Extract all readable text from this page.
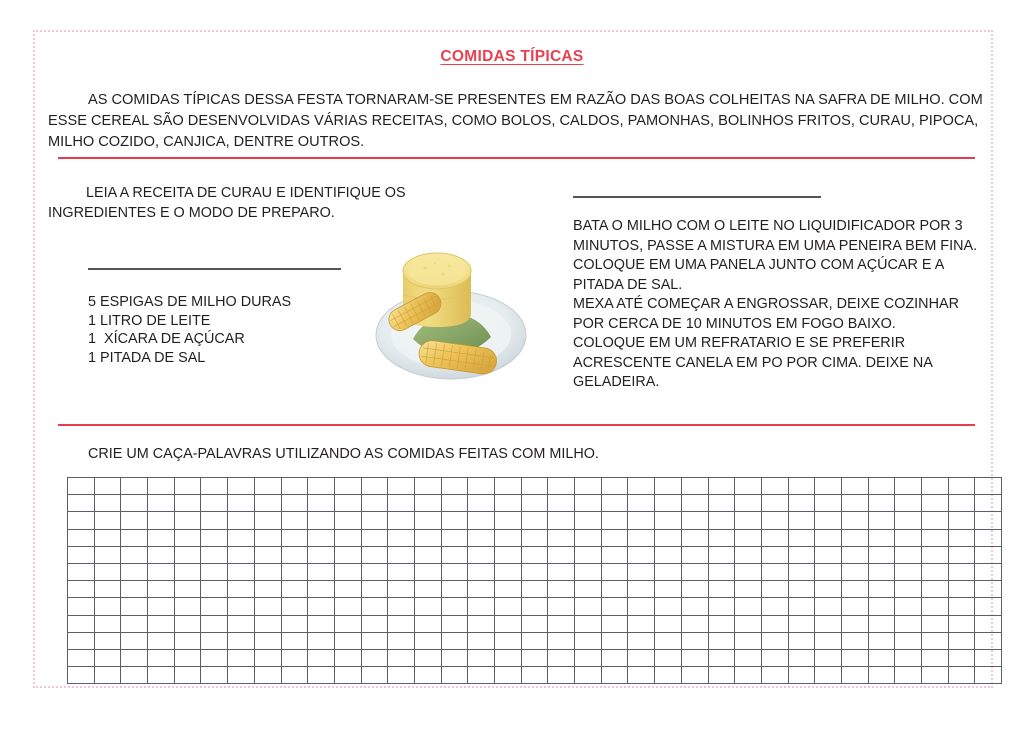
COMIDAS TÍPICAS
AS COMIDAS TÍPICAS DESSA FESTA TORNARAM-SE PRESENTES EM RAZÃO DAS BOAS COLHEITAS NA SAFRA DE MILHO. COM ESSE CEREAL SÃO DESENVOLVIDAS VÁRIAS RECEITAS, COMO BOLOS, CALDOS, PAMONHAS, BOLINHOS FRITOS, CURAU, PIPOCA, MILHO COZIDO, CANJICA, DENTRE OUTROS.
LEIA A RECEITA DE CURAU E IDENTIFIQUE OS INGREDIENTES E O MODO DE PREPARO.
5 ESPIGAS DE MILHO DURAS
1 LITRO DE LEITE
1  XÍCARA DE AÇÚCAR
1 PITADA DE SAL
BATA O MILHO COM O LEITE NO LIQUIDIFICADOR POR 3 MINUTOS, PASSE A MISTURA EM UMA PENEIRA BEM FINA.
COLOQUE EM UMA PANELA JUNTO COM AÇÚCAR E A PITADA DE SAL.
MEXA ATÉ COMEÇAR A ENGROSSAR, DEIXE COZINHAR POR CERCA DE 10 MINUTOS EM FOGO BAIXO.
COLOQUE EM UM REFRATARIO E SE PREFERIR ACRESCENTE CANELA EM PO POR CIMA. DEIXE NA GELADEIRA.
CRIE UM CAÇA-PALAVRAS UTILIZANDO AS COMIDAS FEITAS COM MILHO.
